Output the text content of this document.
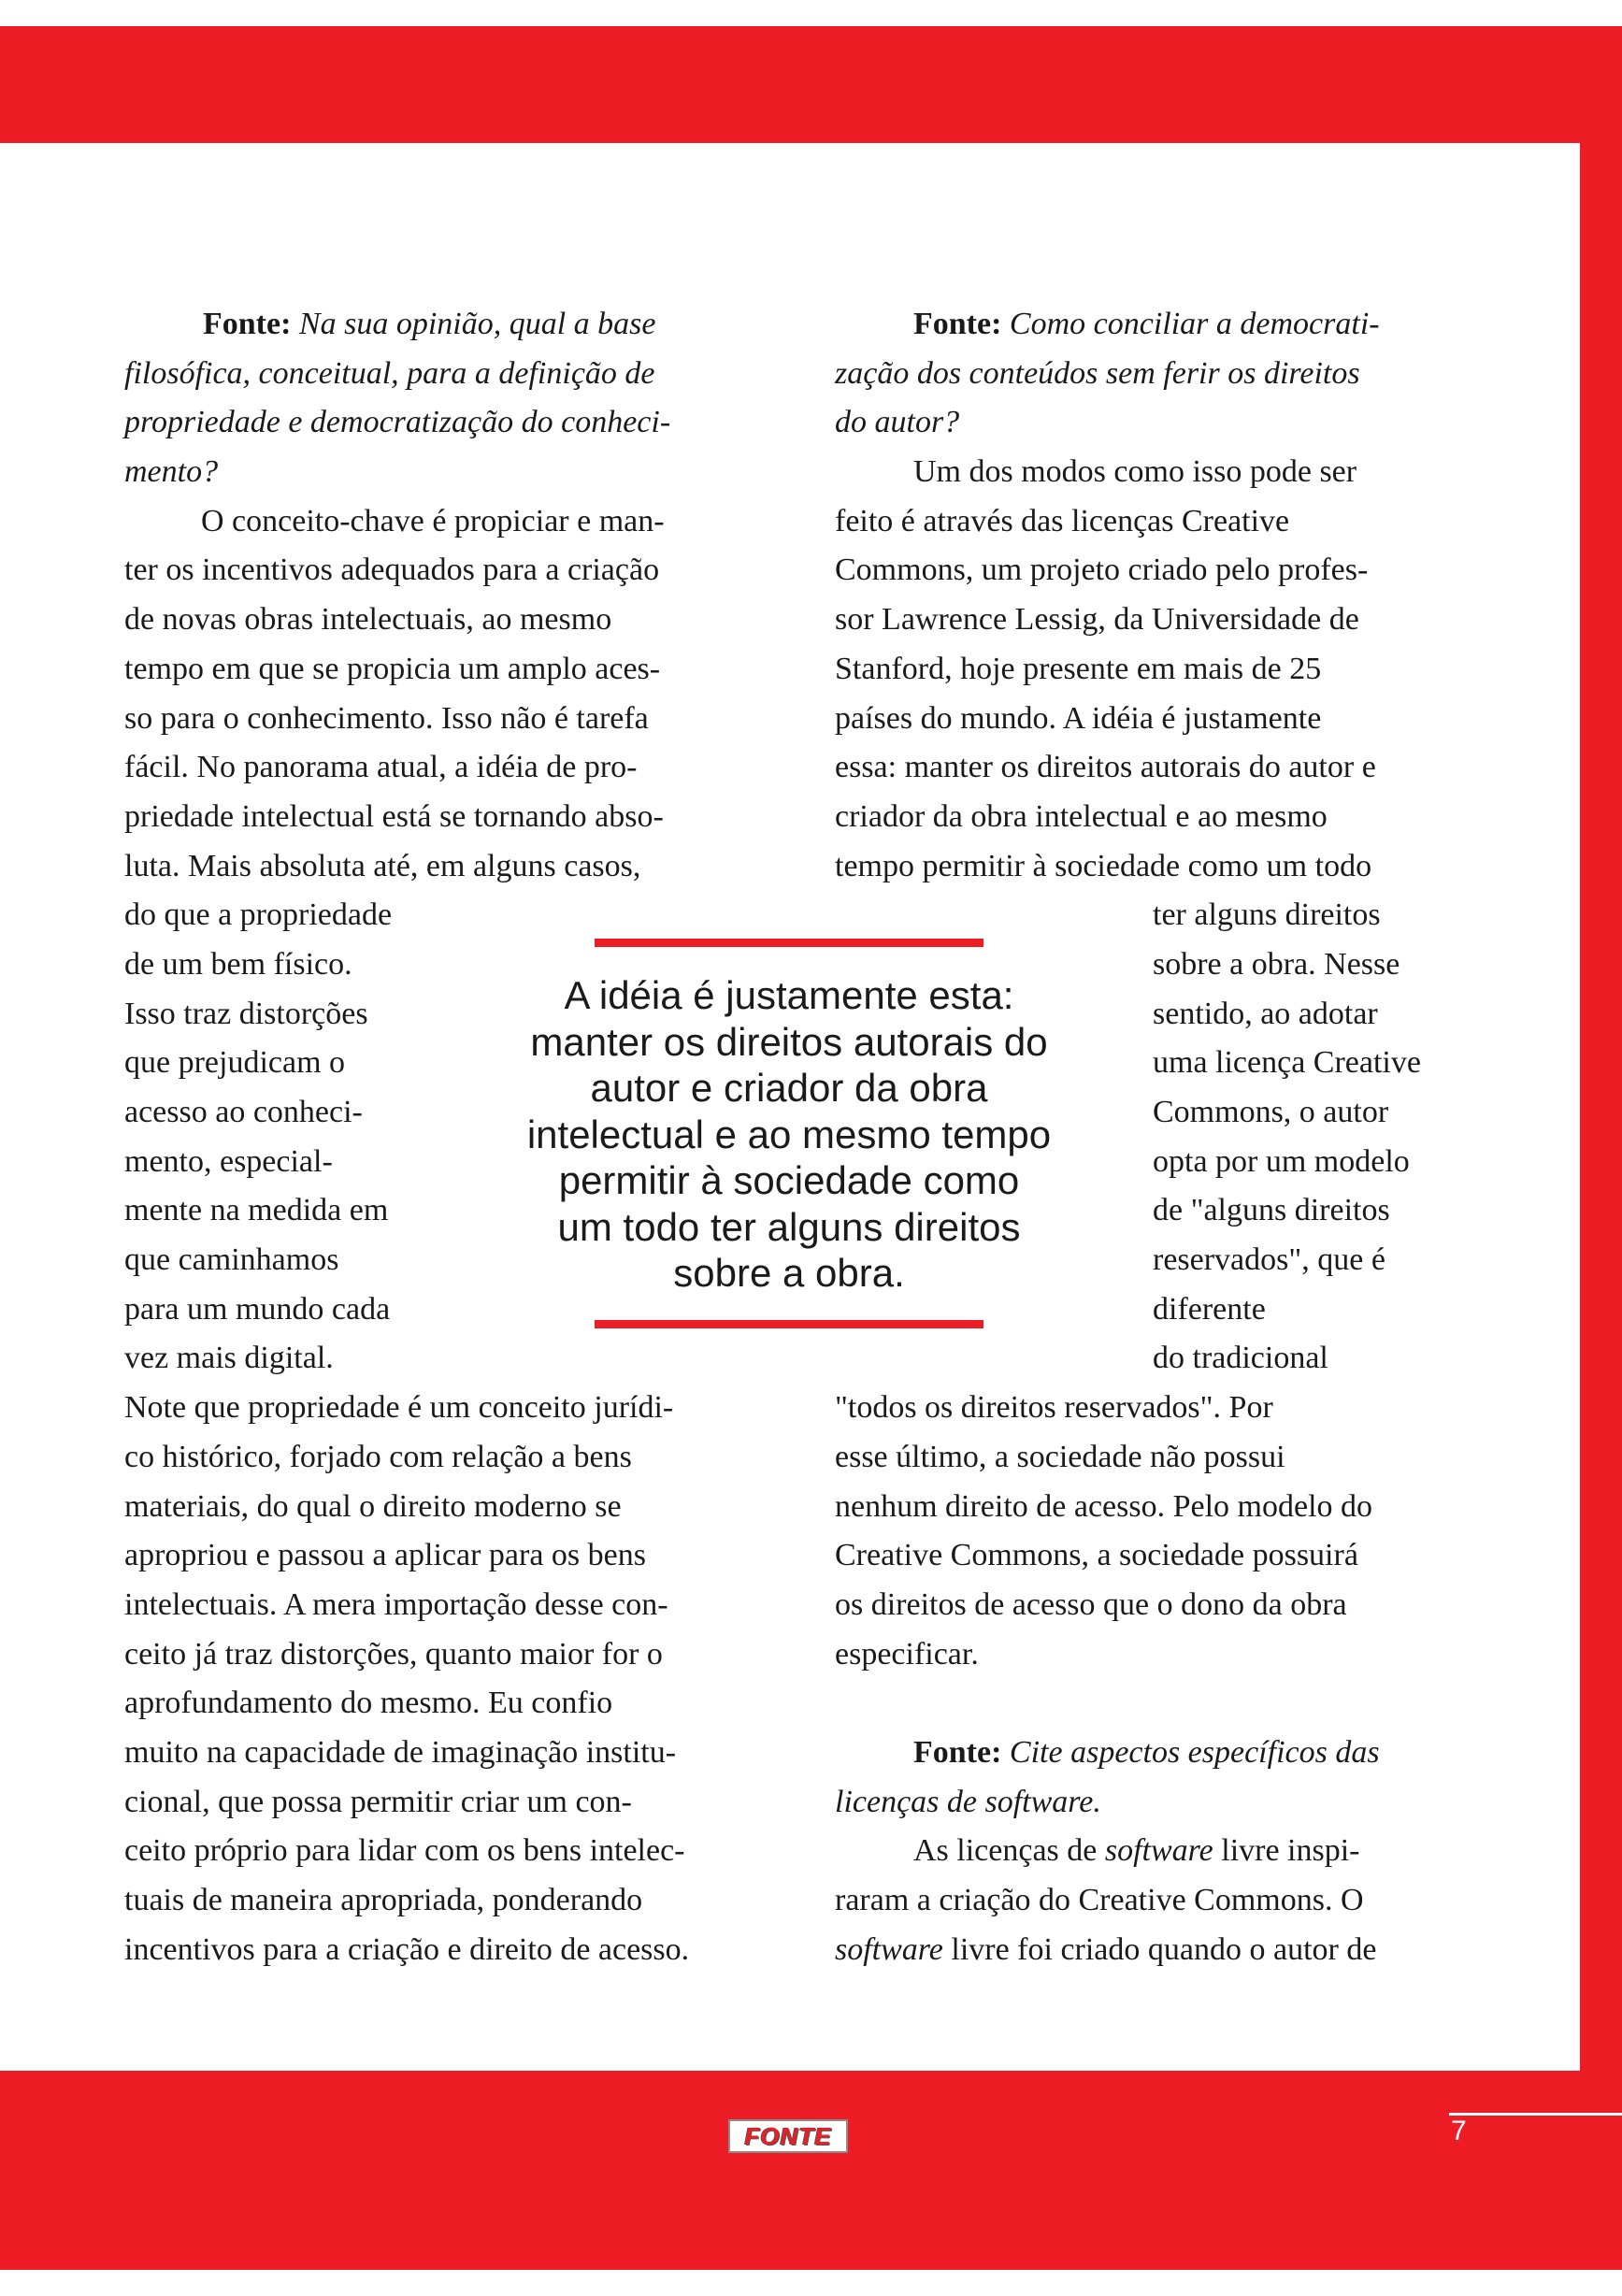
Fonte: Na sua opinião, qual a base
filosófica, conceitual, para a definição de
propriedade e democratização do conheci-
mento?
O conceito-chave é propiciar e man-
ter os incentivos adequados para a criação
de novas obras intelectuais, ao mesmo
tempo em que se propicia um amplo aces-
so para o conhecimento. Isso não é tarefa
fácil. No panorama atual, a idéia de pro-
priedade intelectual está se tornando abso-
luta. Mais absoluta até, em alguns casos,
do que a propriedade
de um bem físico.
Isso traz distorções
que prejudicam o
acesso ao conheci-
mento, especial-
mente na medida em
que caminhamos
para um mundo cada
vez mais digital.
Note que propriedade é um conceito jurídi-
co histórico, forjado com relação a bens
materiais, do qual o direito moderno se
apropriou e passou a aplicar para os bens
intelectuais. A mera importação desse con-
ceito já traz distorções, quanto maior for o
aprofundamento do mesmo. Eu confio
muito na capacidade de imaginação institu-
cional, que possa permitir criar um con-
ceito próprio para lidar com os bens intelec-
tuais de maneira apropriada, ponderando
incentivos para a criação e direito de acesso.
Fonte: Como conciliar a democrati-
zação dos conteúdos sem ferir os direitos
do autor?
Um dos modos como isso pode ser
feito é através das licenças Creative
Commons, um projeto criado pelo profes-
sor Lawrence Lessig, da Universidade de
Stanford, hoje presente em mais de 25
países do mundo. A idéia é justamente
essa: manter os direitos autorais do autor e
criador da obra intelectual e ao mesmo
tempo permitir à sociedade como um todo
ter alguns direitos
sobre a obra. Nesse
sentido, ao adotar
uma licença Creative
Commons, o autor
opta por um modelo
de "alguns direitos
reservados", que é
diferente
do tradicional
"todos os direitos reservados". Por
esse último, a sociedade não possui
nenhum direito de acesso. Pelo modelo do
Creative Commons, a sociedade possuirá
os direitos de acesso que o dono da obra
especificar.
Fonte: Cite aspectos específicos das
licenças de software.
As licenças de software livre inspi-
raram a criação do Creative Commons. O
software livre foi criado quando o autor de
A idéia é justamente esta:
manter os direitos autorais do
autor e criador da obra
intelectual e ao mesmo tempo
permitir à sociedade como
um todo ter alguns direitos
sobre a obra.
FONTE	7
